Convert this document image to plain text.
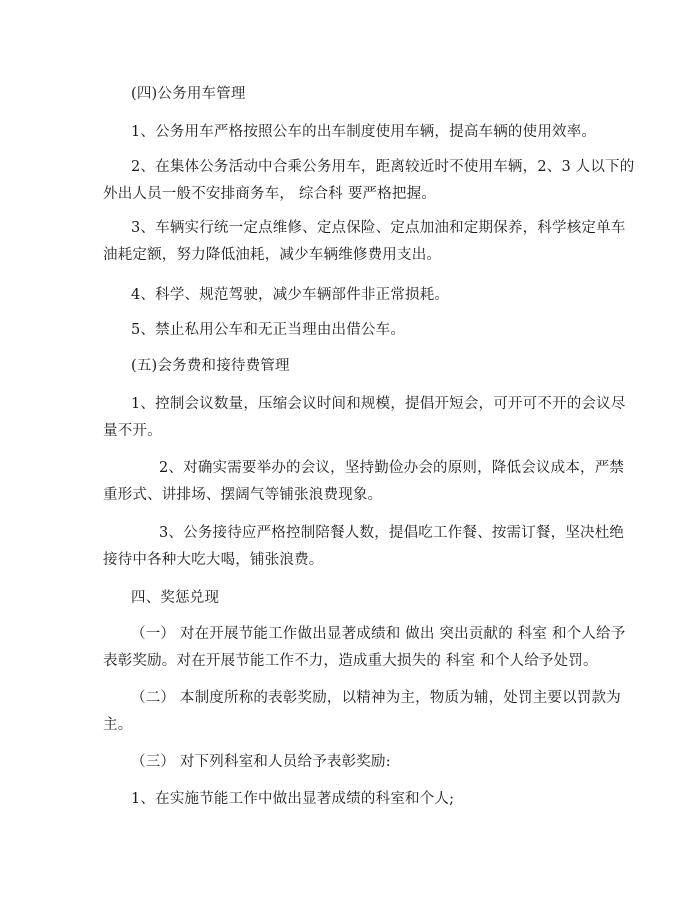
(四)公务用车管理
1、公务用车严格按照公车的出车制度使用车辆，提高车辆的使用效率。
2、在集体公务活动中合乘公务用车，距离较近时不使用车辆，2、3 人以下的
外出人员一般不安排商务车， 综合科 要严格把握。
3、车辆实行统一定点维修、定点保险、定点加油和定期保养，科学核定单车
油耗定额，努力降低油耗，减少车辆维修费用支出。
4、科学、规范驾驶，减少车辆部件非正常损耗。
5、禁止私用公车和无正当理由出借公车。
(五)会务费和接待费管理
1、控制会议数量，压缩会议时间和规模，提倡开短会，可开可不开的会议尽
量不开。
2、对确实需要举办的会议，坚持勤俭办会的原则，降低会议成本，严禁
重形式、讲排场、摆阔气等铺张浪费现象。
3、公务接待应严格控制陪餐人数，提倡吃工作餐、按需订餐，坚决杜绝
接待中各种大吃大喝，铺张浪费。
四、奖惩兑现
（一） 对在开展节能工作做出显著成绩和 做出 突出贡献的 科室 和个人给予
表彰奖励。对在开展节能工作不力，造成重大损失的 科室 和个人给予处罚。
（二） 本制度所称的表彰奖励，以精神为主，物质为辅，处罚主要以罚款为
主。
（三） 对下列科室和人员给予表彰奖励:
1、在实施节能工作中做出显著成绩的科室和个人;
